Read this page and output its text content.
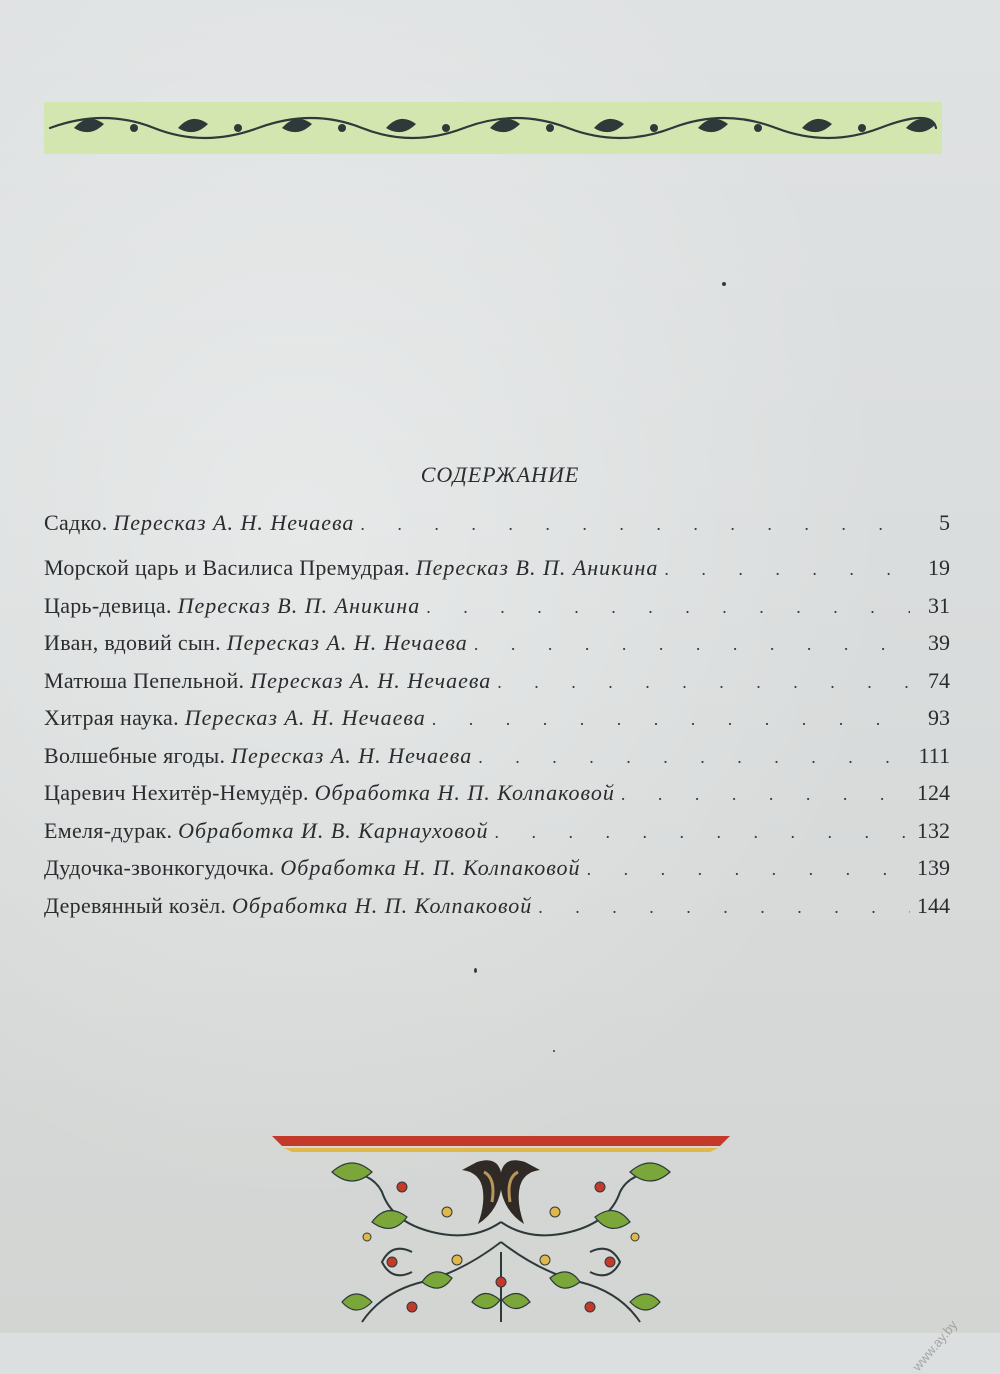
СОДЕРЖАНИЕ
Садко. Пересказ А. Н. Нечаева . . .	5
Морской царь и Василиса Премудрая. Пересказ В. П. Аникина . . .	19
Царь-девица. Пересказ В. П. Аникина . . .	31
Иван, вдовий сын. Пересказ А. Н. Нечаева . . .	39
Матюша Пепельной. Пересказ А. Н. Нечаева . . .	74
Хитрая наука. Пересказ А. Н. Нечаева . . .	93
Волшебные ягоды. Пересказ А. Н. Нечаева . . .	111
Царевич Нехитёр-Немудёр. Обработка Н. П. Колпаковой . . .	124
Емеля-дурак. Обработка И. В. Карнауховой . . .	132
Дудочка-звонкогудочка. Обработка Н. П. Колпаковой . . .	139
Деревянный козёл. Обработка Н. П. Колпаковой . . .	144
www.ay.by
